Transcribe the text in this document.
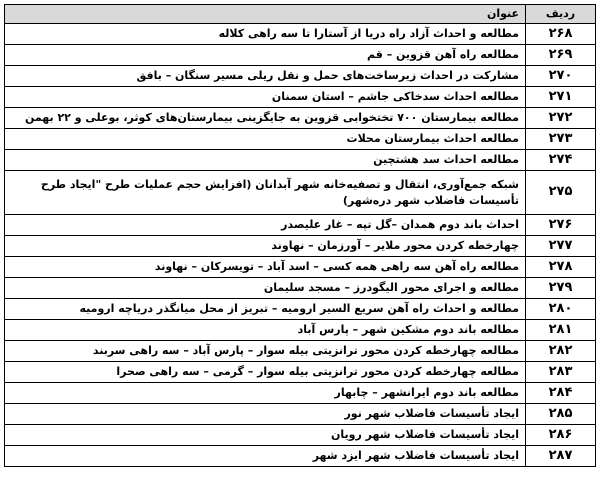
ردیف	عنوان
۲۶۸	مطالعه و احداث آزاد راه دریا از آستارا تا سه راهی کلاله
۲۶۹	مطالعه راه آهن قزوین – قم
۲۷۰	مشارکت در احداث زیرساخت‌های حمل و نقل ریلی مسیر سنگان – بافق
۲۷۱	مطالعه احداث سدخاکی جاشم – استان سمنان
۲۷۲	مطالعه بیمارستان ۷۰۰ تختخوابی قزوین به جایگزینی بیمارستان‌های کوثر، بوعلی و ۲۲ بهمن
۲۷۳	مطالعه احداث بیمارستان محلات
۲۷۴	مطالعه احداث سد هشتچین
۲۷۵	شبکه جمع‌آوری، انتقال و تصفیه‌خانه شهر آبدانان (افزایش حجم عملیات طرح "ایجاد طرح تأسیسات فاضلاب شهر دره‌شهر)
۲۷۶	احداث باند دوم همدان –گل تپه – غار علیصدر
۲۷۷	چهارخطه کردن محور ملایر – آورزمان – نهاوند
۲۷۸	مطالعه راه آهن سه راهی همه کسی – اسد آباد – تویسرکان – نهاوند
۲۷۹	مطالعه و اجرای محور الیگودرز – مسجد سلیمان
۲۸۰	مطالعه و احداث راه آهن سریع السیر ارومیه – تبریز از محل میانگذر دریاچه ارومیه
۲۸۱	مطالعه باند دوم مشکین شهر – پارس آباد
۲۸۲	مطالعه چهارخطه کردن محور ترانزیتی بیله سوار – پارس آباد – سه راهی سربند
۲۸۳	مطالعه چهارخطه کردن محور ترانزیتی بیله سوار – گرمی – سه راهی صحرا
۲۸۴	مطالعه باند دوم ایرانشهر – چابهار
۲۸۵	ایجاد تأسیسات فاضلاب شهر نور
۲۸۶	ایجاد تأسیسات فاضلاب شهر رویان
۲۸۷	ایجاد تأسیسات فاضلاب شهر ایزد شهر
